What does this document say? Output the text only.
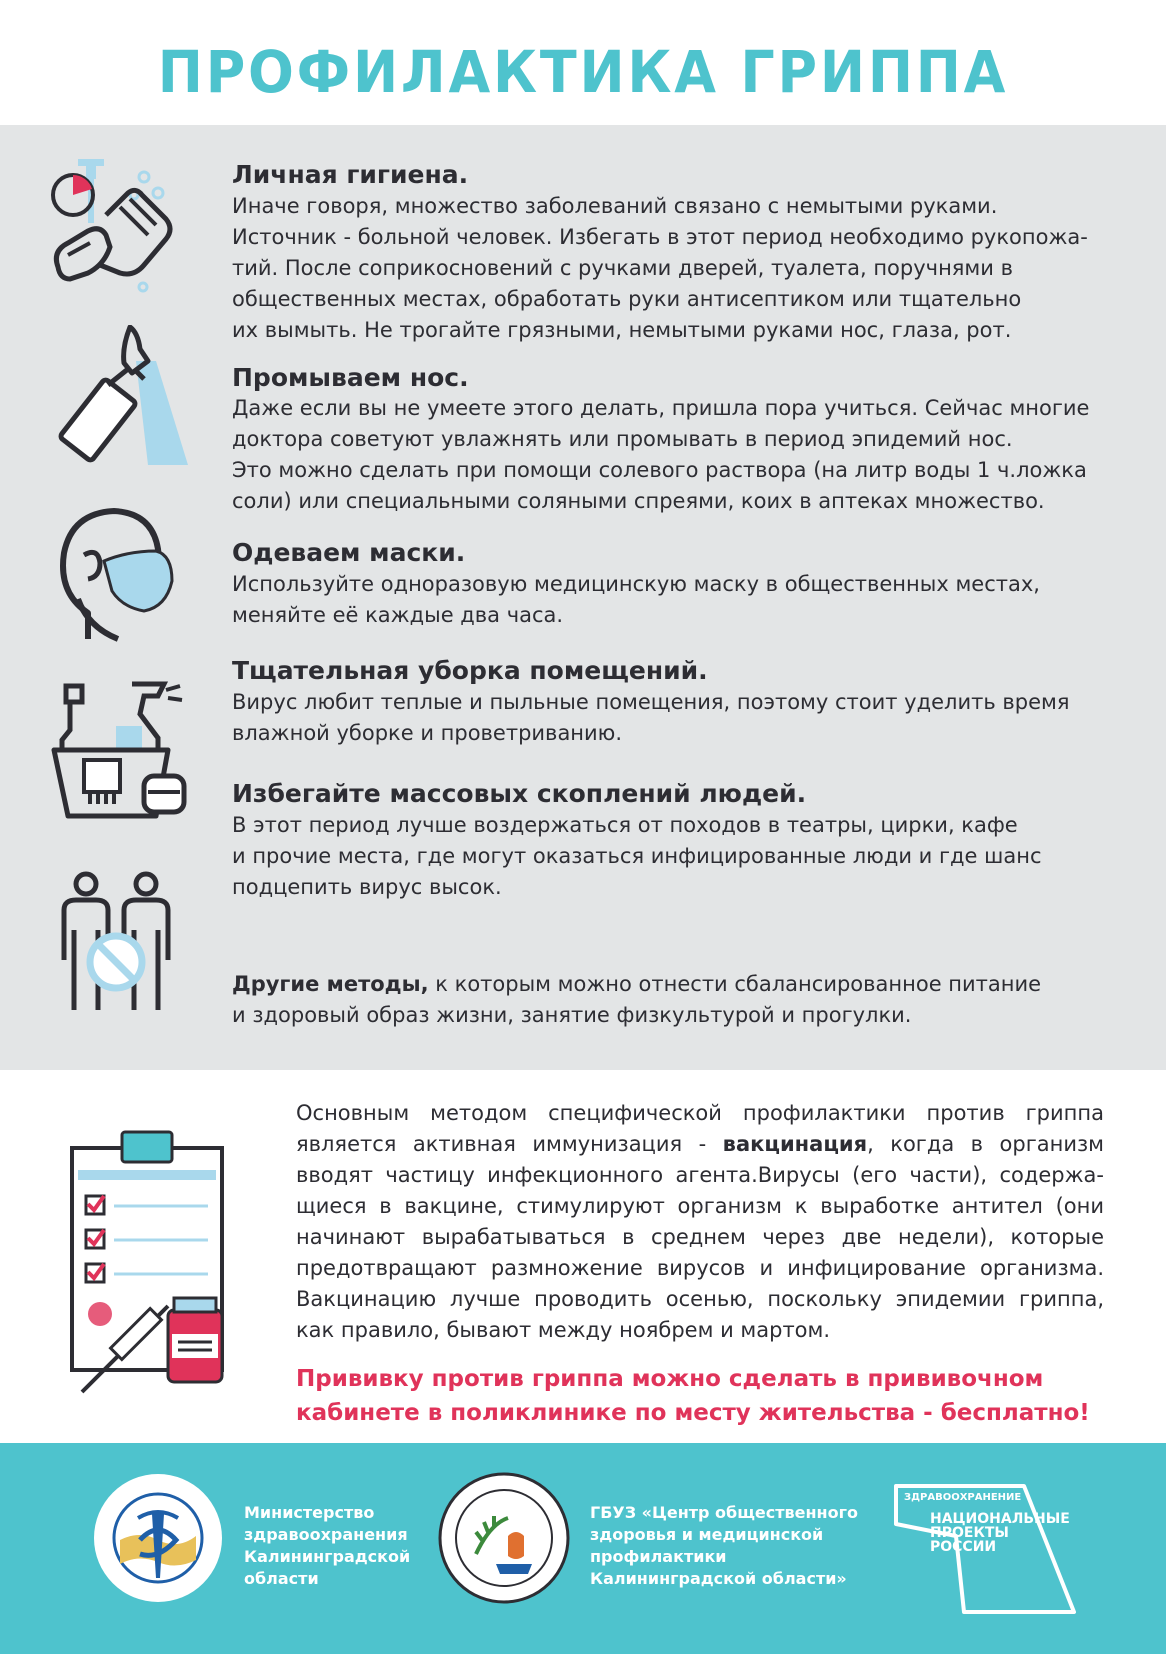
ПРОФИЛАКТИКА ГРИППА
Личная гигиена.

Иначе говоря, множество заболеваний связано с немытыми руками.
Источник - больной человек. Избегать в этот период необходимо рукопожа-
тий. После соприкосновений с ручками дверей, туалета, поручнями в
общественных местах, обработать руки антисептиком или тщательно
их вымыть. Не трогайте грязными, немытыми руками нос, глаза, рот.

Промываем нос.

Даже если вы не умеете этого делать, пришла пора учиться. Сейчас многие
доктора советуют увлажнять или промывать в период эпидемий нос.
Это можно сделать при помощи солевого раствора (на литр воды 1 ч.ложка
соли) или специальными соляными спреями, коих в аптеках множество.

Одеваем маски.

Используйте одноразовую медицинскую маску в общественных местах,
меняйте её каждые два часа.

Тщательная уборка помещений.

Вирус любит теплые и пыльные помещения, поэтому стоит уделить время
влажной уборке и проветриванию.

Избегайте массовых скоплений людей.

В этот период лучше воздержаться от походов в театры, цирки, кафе
и прочие места, где могут оказаться инфицированные люди и где шанс
подцепить вирус высок.

Другие методы, к которым можно отнести сбалансированное питание
и здоровый образ жизни, занятие физкультурой и прогулки.

Основным методом специфической профилактики против гриппа
является активная иммунизация - вакцинация, когда в организм
вводят частицу инфекционного агента.Вирусы (его части), содержа-
щиеся в вакцине, стимулируют организм к выработке антител (они
начинают вырабатываться в среднем через две недели), которые
предотвращают размножение вирусов и инфицирование организма.
Вакцинацию лучше проводить осенью, поскольку эпидемии гриппа,
как правило, бывают между ноябрем и мартом.

Прививку против гриппа можно сделать в прививочном
кабинете в поликлинике по месту жительства - бесплатно!

Министерство
здравоохранения
Калининградской
области

ГБУЗ «Центр общественного
здоровья и медицинской
профилактики
Калининградской области»

ЗДРАВООХРАНЕНИЕ

НАЦИОНАЛЬНЫЕ
ПРОЕКТЫ
РОССИИ
